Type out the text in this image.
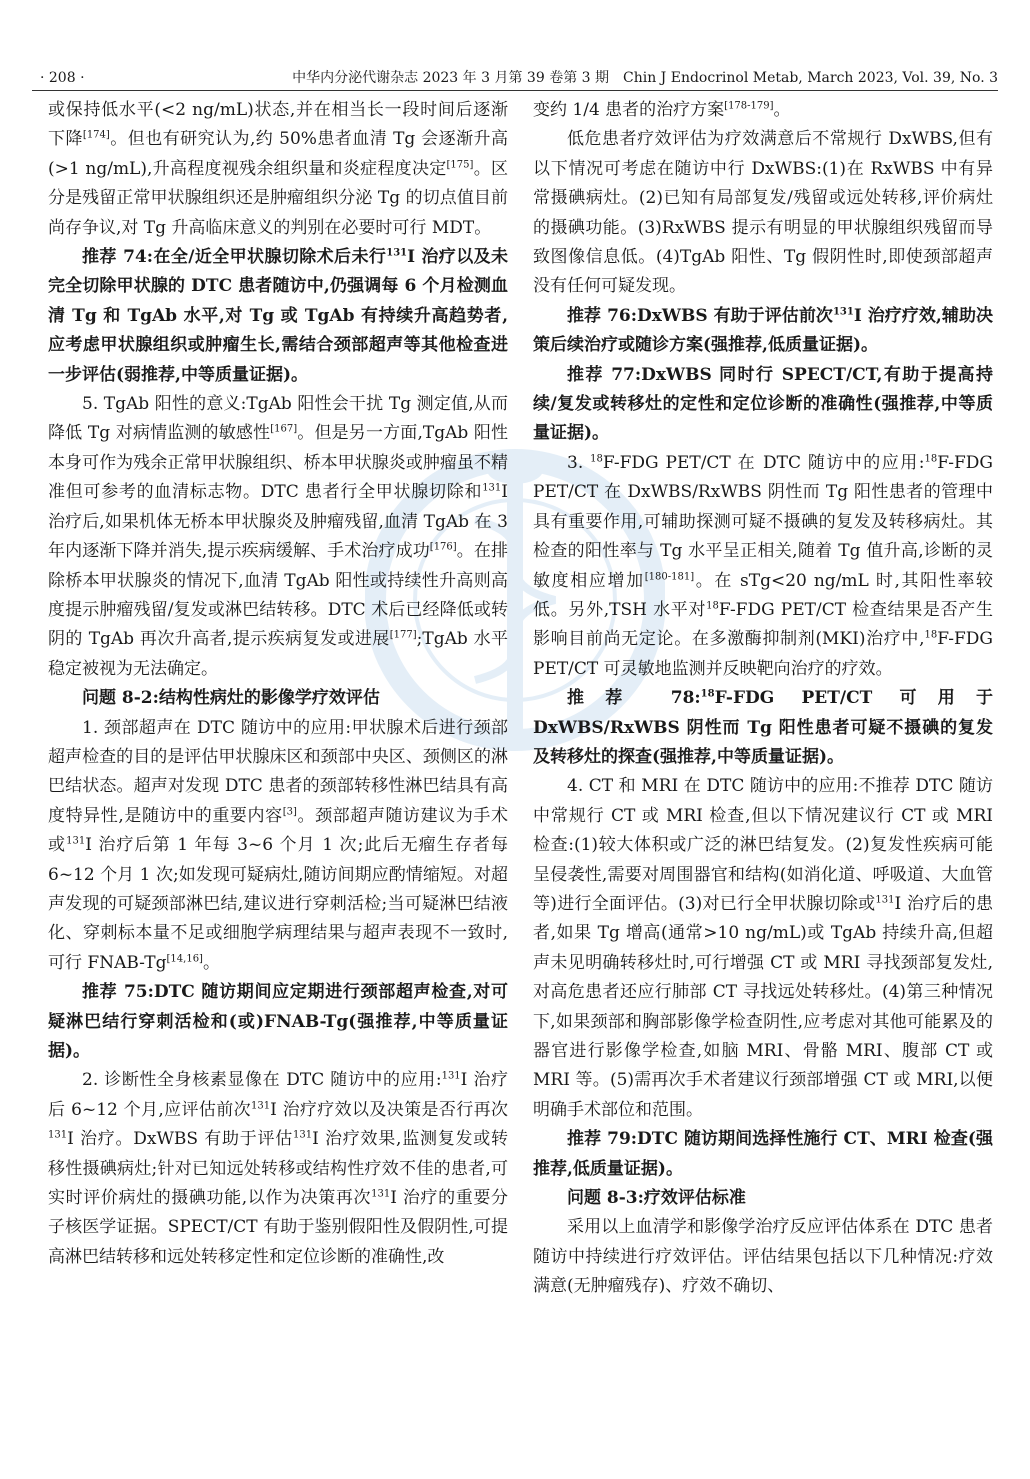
· 208 ·	中华内分泌代谢杂志 2023 年 3 月第 39 卷第 3 期　Chin J Endocrinol Metab, March 2023, Vol. 39, No. 3

或保持低水平(<2 ng/mL)状态,并在相当长一段时间后逐渐下降[174]。但也有研究认为,约 50%患者血清 Tg 会逐渐升高(>1 ng/mL),升高程度视残余组织量和炎症程度决定[175]。区分是残留正常甲状腺组织还是肿瘤组织分泌 Tg 的切点值目前尚存争议,对 Tg 升高临床意义的判别在必要时可行 MDT。

推荐 74:在全/近全甲状腺切除术后未行$^{131}$I 治疗以及未完全切除甲状腺的 DTC 患者随访中,仍强调每 6 个月检测血清 Tg 和 TgAb 水平,对 Tg 或 TgAb 有持续升高趋势者,应考虑甲状腺组织或肿瘤生长,需结合颈部超声等其他检查进一步评估(弱推荐,中等质量证据)。

5. TgAb 阳性的意义:TgAb 阳性会干扰 Tg 测定值,从而降低 Tg 对病情监测的敏感性[167]。但是另一方面,TgAb 阳性本身可作为残余正常甲状腺组织、桥本甲状腺炎或肿瘤虽不精准但可参考的血清标志物。DTC 患者行全甲状腺切除和$^{131}$I 治疗后,如果机体无桥本甲状腺炎及肿瘤残留,血清 TgAb 在 3 年内逐渐下降并消失,提示疾病缓解、手术治疗成功[176]。在排除桥本甲状腺炎的情况下,血清 TgAb 阳性或持续性升高则高度提示肿瘤残留/复发或淋巴结转移。DTC 术后已经降低或转阴的 TgAb 再次升高者,提示疾病复发或进展[177];TgAb 水平稳定被视为无法确定。

问题 8-2:结构性病灶的影像学疗效评估

1. 颈部超声在 DTC 随访中的应用:甲状腺术后进行颈部超声检查的目的是评估甲状腺床区和颈部中央区、颈侧区的淋巴结状态。超声对发现 DTC 患者的颈部转移性淋巴结具有高度特异性,是随访中的重要内容[3]。颈部超声随访建议为手术或$^{131}$I 治疗后第 1 年每 3~6 个月 1 次;此后无瘤生存者每 6~12 个月 1 次;如发现可疑病灶,随访间期应酌情缩短。对超声发现的可疑颈部淋巴结,建议进行穿刺活检;当可疑淋巴结液化、穿刺标本量不足或细胞学病理结果与超声表现不一致时,可行 FNAB-Tg[14,16]。

推荐 75:DTC 随访期间应定期进行颈部超声检查,对可疑淋巴结行穿刺活检和(或)FNAB-Tg(强推荐,中等质量证据)。

2. 诊断性全身核素显像在 DTC 随访中的应用:$^{131}$I 治疗后 6~12 个月,应评估前次$^{131}$I 治疗疗效以及决策是否行再次$^{131}$I 治疗。DxWBS 有助于评估$^{131}$I 治疗效果,监测复发或转移性摄碘病灶;针对已知远处转移或结构性疗效不佳的患者,可实时评价病灶的摄碘功能,以作为决策再次$^{131}$I 治疗的重要分子核医学证据。SPECT/CT 有助于鉴别假阳性及假阴性,可提高淋巴结转移和远处转移定性和定位诊断的准确性,改

变约 1/4 患者的治疗方案[178-179]。

低危患者疗效评估为疗效满意后不常规行 DxWBS,但有以下情况可考虑在随访中行 DxWBS:(1)在 RxWBS 中有异常摄碘病灶。(2)已知有局部复发/残留或远处转移,评价病灶的摄碘功能。(3)RxWBS 提示有明显的甲状腺组织残留而导致图像信息低。(4)TgAb 阳性、Tg 假阴性时,即使颈部超声没有任何可疑发现。

推荐 76:DxWBS 有助于评估前次$^{131}$I 治疗疗效,辅助决策后续治疗或随诊方案(强推荐,低质量证据)。

推荐 77:DxWBS 同时行 SPECT/CT,有助于提高持续/复发或转移灶的定性和定位诊断的准确性(强推荐,中等质量证据)。

3. $^{18}$F-FDG PET/CT 在 DTC 随访中的应用:$^{18}$F-FDG PET/CT 在 DxWBS/RxWBS 阴性而 Tg 阳性患者的管理中具有重要作用,可辅助探测可疑不摄碘的复发及转移病灶。其检查的阳性率与 Tg 水平呈正相关,随着 Tg 值升高,诊断的灵敏度相应增加[180-181]。在 sTg<20 ng/mL 时,其阳性率较低。另外,TSH 水平对$^{18}$F-FDG PET/CT 检查结果是否产生影响目前尚无定论。在多激酶抑制剂(MKI)治疗中,$^{18}$F-FDG PET/CT 可灵敏地监测并反映靶向治疗的疗效。

推荐 78:$^{18}$F-FDG PET/CT 可用于 DxWBS/RxWBS 阴性而 Tg 阳性患者可疑不摄碘的复发及转移灶的探查(强推荐,中等质量证据)。

4. CT 和 MRI 在 DTC 随访中的应用:不推荐 DTC 随访中常规行 CT 或 MRI 检查,但以下情况建议行 CT 或 MRI 检查:(1)较大体积或广泛的淋巴结复发。(2)复发性疾病可能呈侵袭性,需要对周围器官和结构(如消化道、呼吸道、大血管等)进行全面评估。(3)对已行全甲状腺切除或$^{131}$I 治疗后的患者,如果 Tg 增高(通常>10 ng/mL)或 TgAb 持续升高,但超声未见明确转移灶时,可行增强 CT 或 MRI 寻找颈部复发灶,对高危患者还应行肺部 CT 寻找远处转移灶。(4)第三种情况下,如果颈部和胸部影像学检查阴性,应考虑对其他可能累及的器官进行影像学检查,如脑 MRI、骨骼 MRI、腹部 CT 或 MRI 等。(5)需再次手术者建议行颈部增强 CT 或 MRI,以便明确手术部位和范围。

推荐 79:DTC 随访期间选择性施行 CT、MRI 检查(强推荐,低质量证据)。

问题 8-3:疗效评估标准

采用以上血清学和影像学治疗反应评估体系在 DTC 患者随访中持续进行疗效评估。评估结果包括以下几种情况:疗效满意(无肿瘤残存)、疗效不确切、
